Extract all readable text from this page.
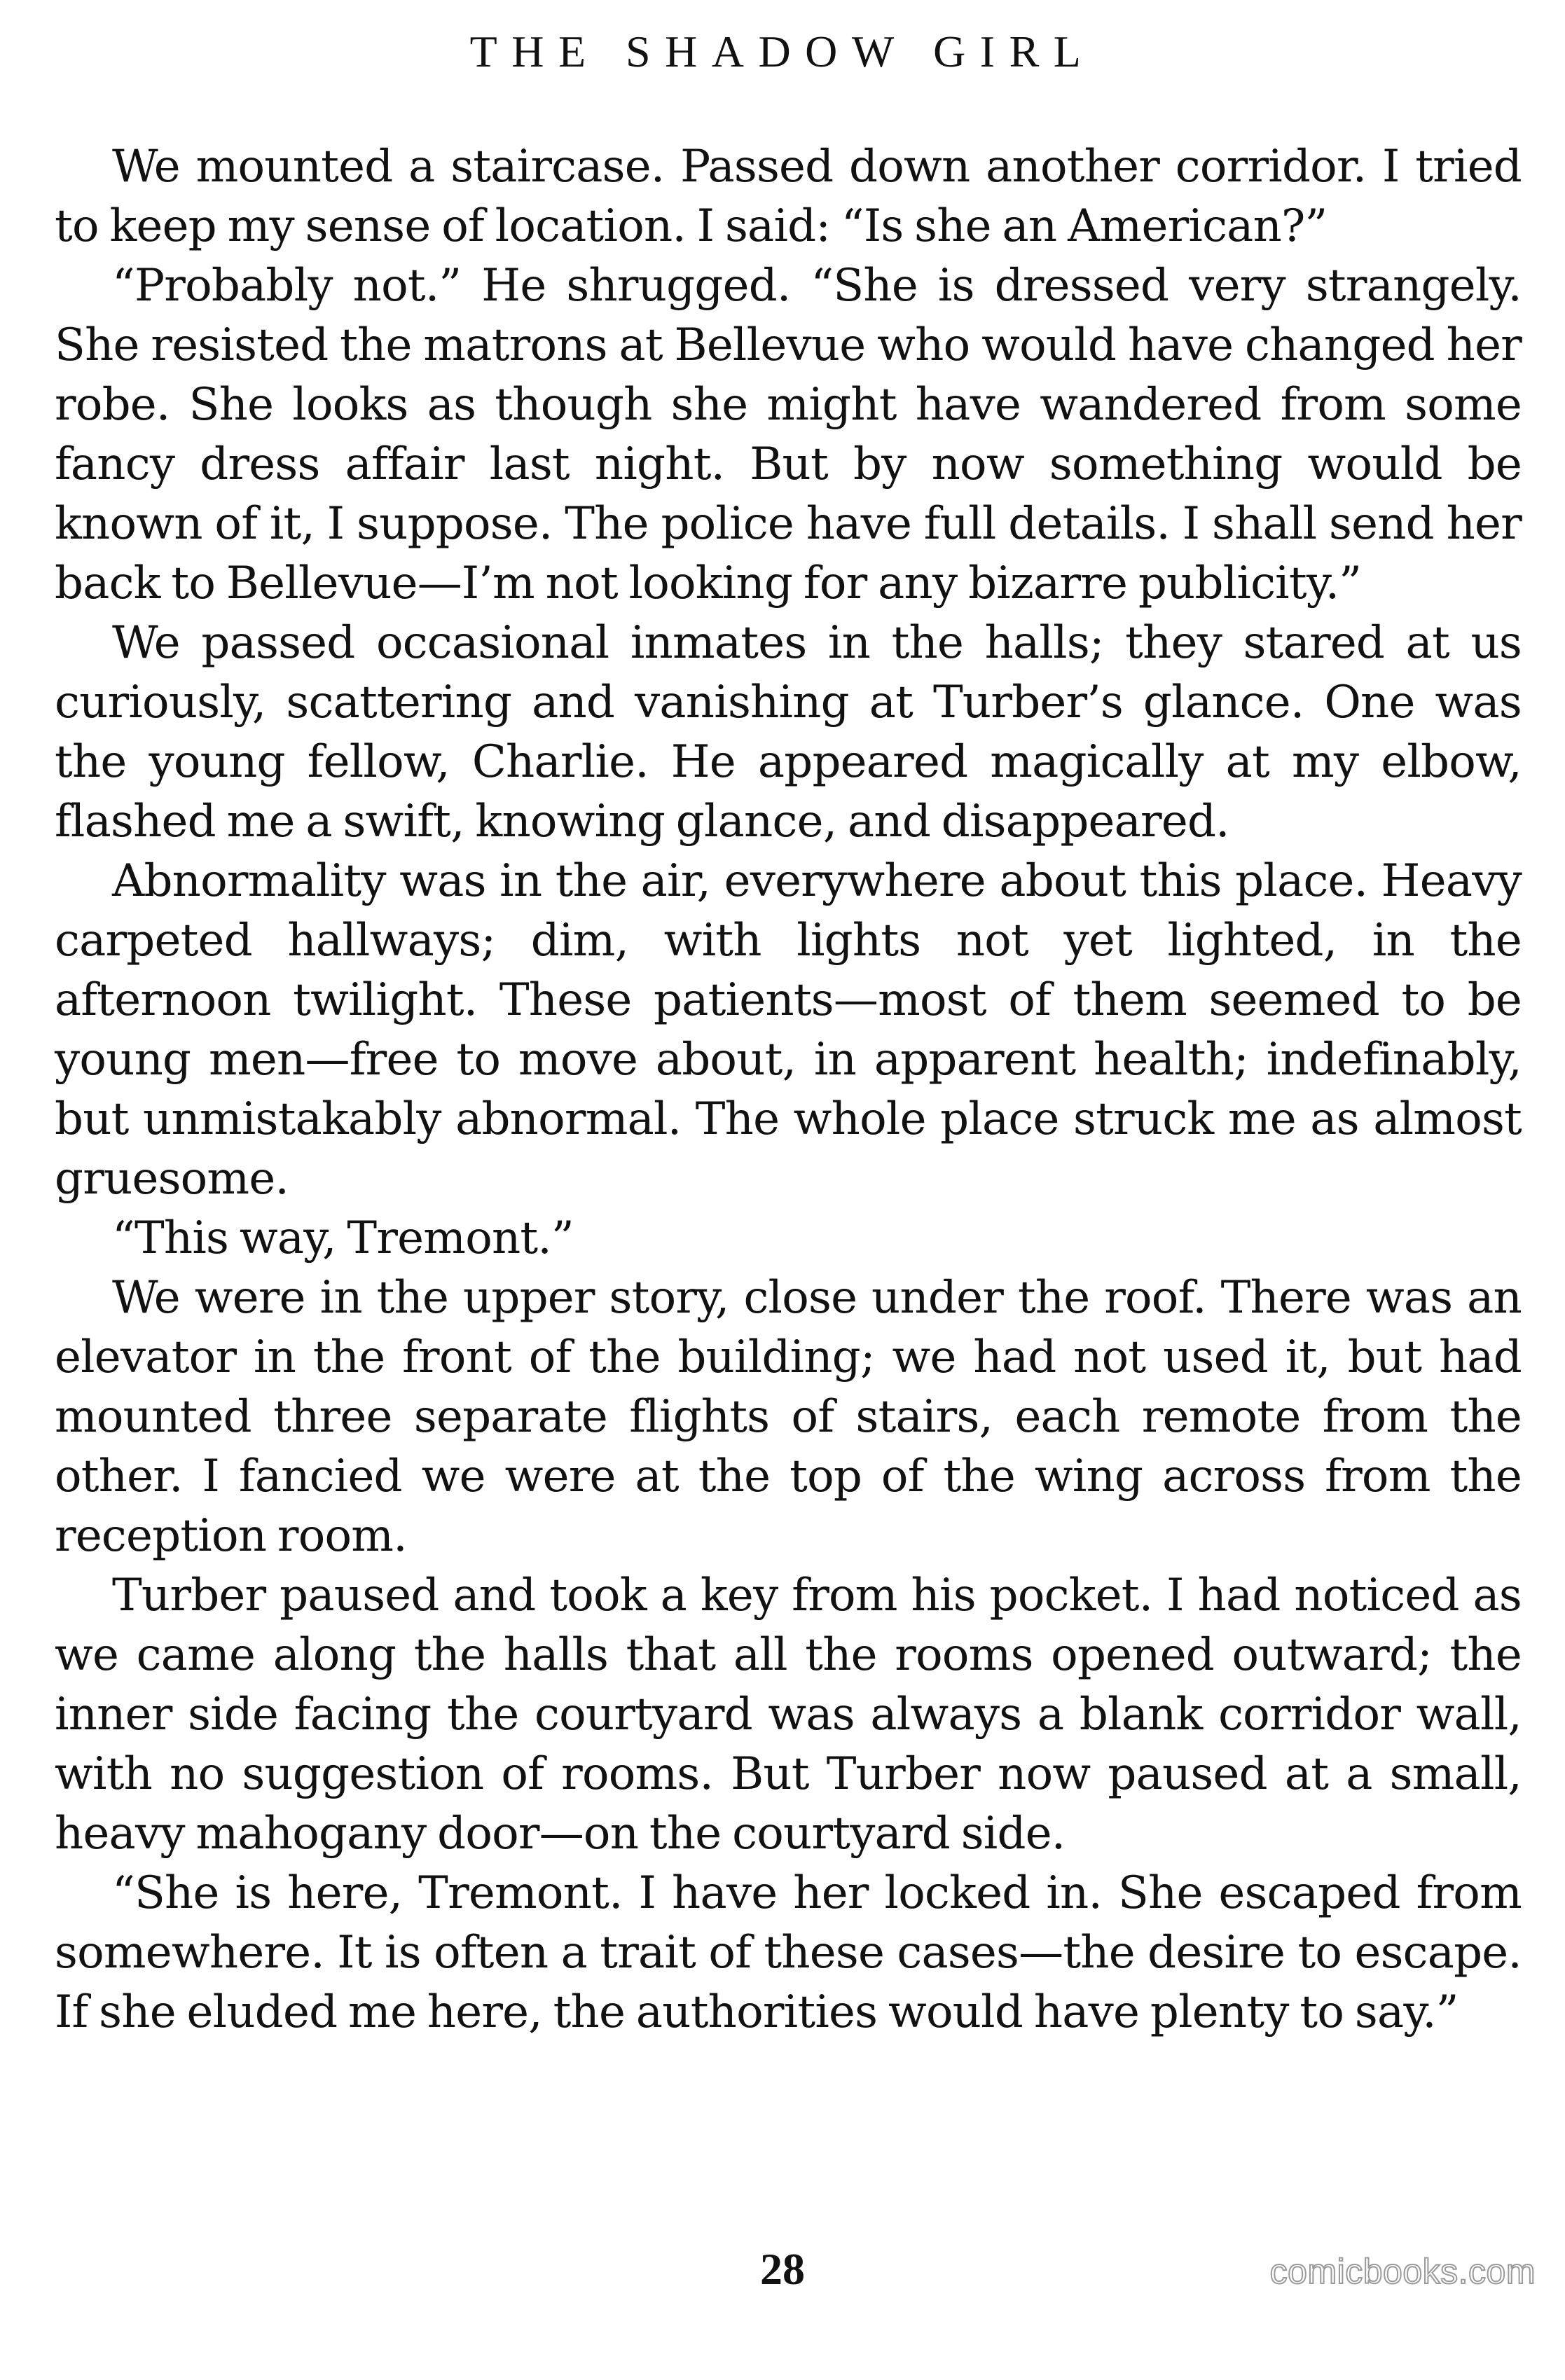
THE SHADOW GIRL

We mounted a staircase. Passed down another corridor. I tried to keep my sense of location. I said: “Is she an American?”

“Probably not.” He shrugged. “She is dressed very strangely. She resisted the matrons at Bellevue who would have changed her robe. She looks as though she might have wandered from some fancy dress affair last night. But by now something would be known of it, I suppose. The police have full details. I shall send her back to Bellevue—I’m not looking for any bizarre publicity.”

We passed occasional inmates in the halls; they stared at us curiously, scattering and vanishing at Turber’s glance. One was the young fellow, Charlie. He appeared magically at my elbow, flashed me a swift, knowing glance, and disappeared.

Abnormality was in the air, everywhere about this place. Heavy carpeted hallways; dim, with lights not yet lighted, in the afternoon twilight. These patients—most of them seemed to be young men—free to move about, in apparent health; indefinably, but unmistakably abnormal. The whole place struck me as almost gruesome.

“This way, Tremont.”

We were in the upper story, close under the roof. There was an elevator in the front of the building; we had not used it, but had mounted three separate flights of stairs, each remote from the other. I fancied we were at the top of the wing across from the reception room.

Turber paused and took a key from his pocket. I had noticed as we came along the halls that all the rooms opened outward; the inner side facing the courtyard was always a blank corridor wall, with no suggestion of rooms. But Turber now paused at a small, heavy mahogany door—on the courtyard side.

“She is here, Tremont. I have her locked in. She escaped from somewhere. It is often a trait of these cases—the desire to escape. If she eluded me here, the authorities would have plenty to say.”

28	comicbooks.com
